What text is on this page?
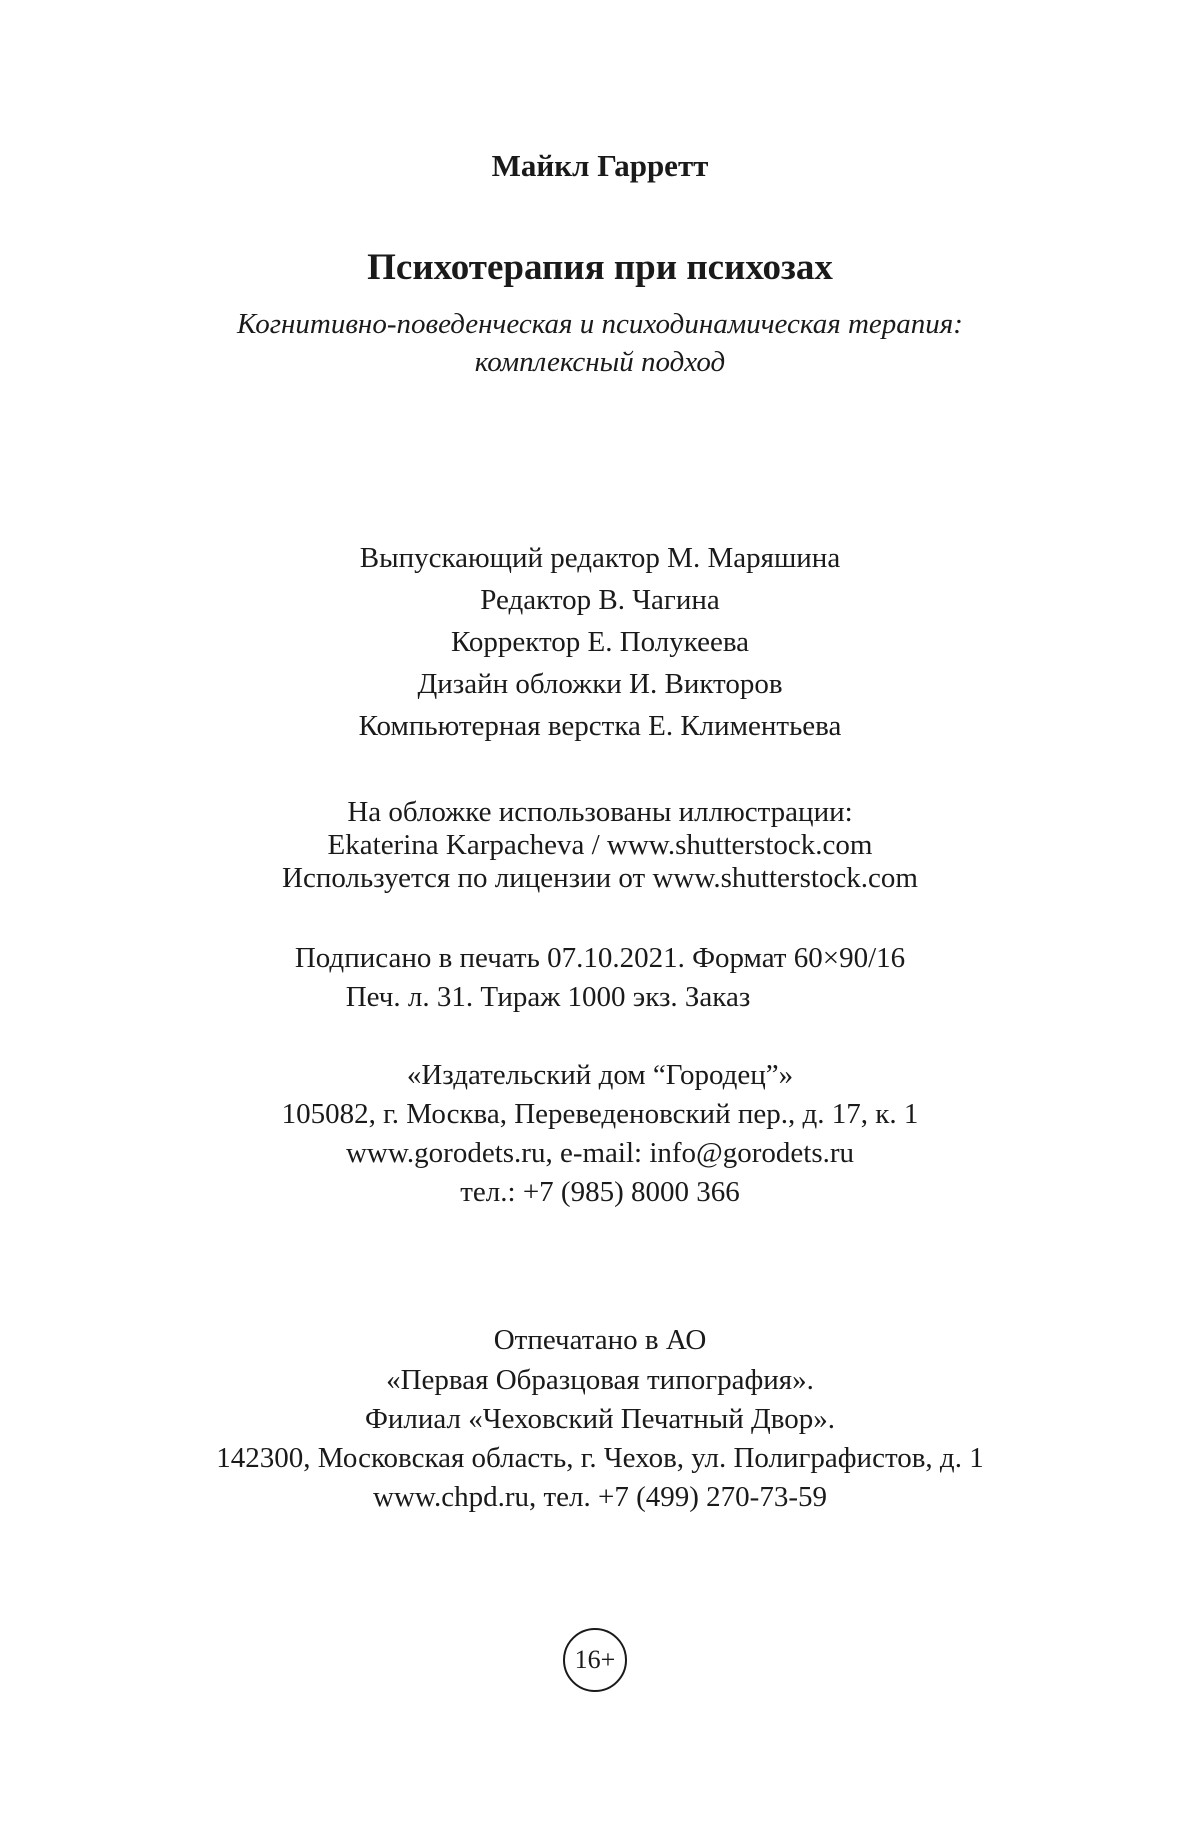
Майкл Гарретт
Психотерапия при психозах
Когнитивно-поведенческая и психодинамическая терапия:
комплексный подход
Выпускающий редактор М. Маряшина
Редактор В. Чагина
Корректор Е. Полукеева
Дизайн обложки И. Викторов
Компьютерная верстка Е. Климентьева
На обложке использованы иллюстрации:
Ekaterina Karpacheva / www.shutterstock.com
Используется по лицензии от www.shutterstock.com
Подписано в печать 07.10.2021. Формат 60×90/16
Печ. л. 31. Тираж 1000 экз. Заказ
«Издательский дом “Городец”»
105082, г. Москва, Переведеновский пер., д. 17, к. 1
www.gorodets.ru, e-mail: info@gorodets.ru
тел.: +7 (985) 8000 366
Отпечатано в АО
«Первая Образцовая типография».
Филиал «Чеховский Печатный Двор».
142300, Московская область, г. Чехов, ул. Полиграфистов, д. 1
www.chpd.ru, тел. +7 (499) 270-73-59
16+
